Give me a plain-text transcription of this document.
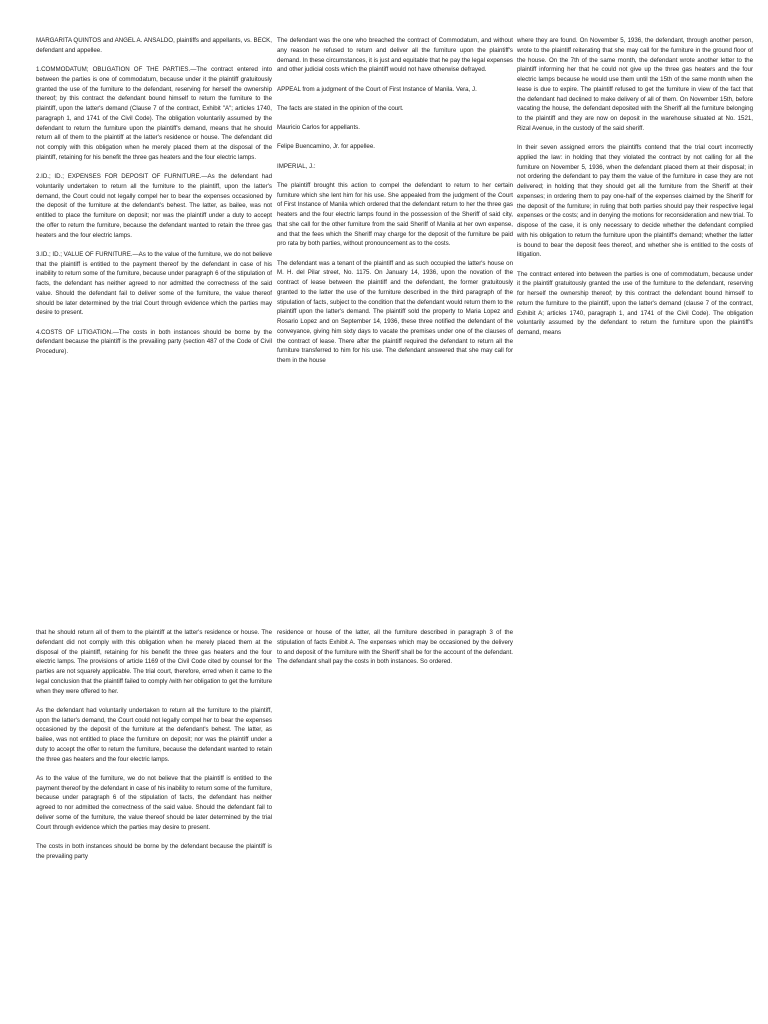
MARGARITA QUINTOS and ANGEL A. ANSALDO, plaintiffs and appellants, vs. BECK, defendant and appellee.

1.COMMODATUM; OBLIGATION OF THE PARTIES.—The contract entered into between the parties is one of commodatum, because under it the plaintiff gratuitously granted the use of the furniture to the defendant, reserving for herself the ownership thereof; by this contract the defendant bound himself to return the furniture to the plaintiff, upon the latter's demand (Clause 7 of the contract, Exhibit "A"; articles 1740, paragraph 1, and 1741 of the Civil Code). The obligation voluntarily assumed by the defendant to return the furniture upon the plaintiff's demand, means that he should return all of them to the plaintiff at the latter's residence or house. The defendant did not comply with this obligation when he merely placed them at the disposal of the plaintiff, retaining for his benefit the three gas heaters and the four electric lamps.

2.ID.; ID.; EXPENSES FOR DEPOSIT OF FURNITURE.—As the defendant had voluntarily undertaken to return all the furniture to the plaintiff, upon the latter's demand, the Court could not legally compel her to bear the expenses occasioned by the deposit of the furniture at the defendant's behest. The latter, as bailee, was not entitled to place the furniture on deposit; nor was the plaintiff under a duty to accept the offer to return the furniture, because the defendant wanted to retain the three gas heaters and the four electric lamps.

3.ID.; ID.; VALUE OF FURNITURE.—As to the value of the furniture, we do not believe that the plaintiff is entitled to the payment thereof by the defendant in case of his inability to return some of the furniture, because under paragraph 6 of the stipulation of facts, the defendant has neither agreed to nor admitted the correctness of the said value. Should the defendant fail to deliver some of the furniture, the value thereof should be later determined by the trial Court through evidence which the parties may desire to present.

4.COSTS OF LITIGATION.—The costs in both instances should be borne by the defendant because the plaintiff is the prevailing party (section 487 of the Code of Civil Procedure).

The defendant was the one who breached the contract of Commodatum, and without any reason he refused to return and deliver all the furniture upon the plaintiff's demand. In these circumstances, it is just and equitable that he pay the legal expenses and other judicial costs which the plaintiff would not have otherwise defrayed.

APPEAL from a judgment of the Court of First Instance of Manila. Vera, J.

The facts are stated in the opinion of the court.

Mauricio Carlos for appellants.

Felipe Buencamino, Jr. for appellee.

IMPERIAL, J.:

The plaintiff brought this action to compel the defendant to return to her certain furniture which she lent him for his use. She appealed from the judgment of the Court of First Instance of Manila which ordered that the defendant return to her the three gas heaters and the four electric lamps found in the possession of the Sheriff of said city, that she call for the other furniture from the said Sheriff of Manila at her own expense, and that the fees which the Sheriff may charge for the deposit of the furniture be paid pro rata by both parties, without pronouncement as to the costs.

The defendant was a tenant of the plaintiff and as such occupied the latter's house on M. H. del Pilar street, No. 1175. On January 14, 1936, upon the novation of the contract of lease between the plaintiff and the defendant, the former gratuitously granted to the latter the use of the furniture described in the third paragraph of the stipulation of facts, subject to the condition that the defendant would return them to the plaintiff upon the latter's demand. The plaintiff sold the property to Maria Lopez and Rosario Lopez and on September 14, 1936, these three notified the defendant of the conveyance, giving him sixty days to vacate the premises under one of the clauses of the contract of lease. There after the plaintiff required the defendant to return all the furniture transferred to him for his use. The defendant answered that she may call for them in the house

where they are found. On November 5, 1936, the defendant, through another person, wrote to the plaintiff reiterating that she may call for the furniture in the ground floor of the house. On the 7th of the same month, the defendant wrote another letter to the plaintiff informing her that he could not give up the three gas heaters and the four electric lamps because he would use them until the 15th of the same month when the lease is due to expire. The plaintiff refused to get the furniture in view of the fact that the defendant had declined to make delivery of all of them. On November 15th, before vacating the house, the defendant deposited with the Sheriff all the furniture belonging to the plaintiff and they are now on deposit in the warehouse situated at No. 1521, Rizal Avenue, in the custody of the said sheriff.

In their seven assigned errors the plaintiffs contend that the trial court incorrectly applied the law: in holding that they violated the contract by not calling for all the furniture on November 5, 1936, when the defendant placed them at their disposal; in not ordering the defendant to pay them the value of the furniture in case they are not delivered; in holding that they should get all the furniture from the Sheriff at their expenses; in ordering them to pay one-half of the expenses claimed by the Sheriff for the deposit of the furniture; in ruling that both parties should pay their respective legal expenses or the costs; and in denying the motions for reconsideration and new trial. To dispose of the case, it is only necessary to decide whether the defendant complied with his obligation to return the furniture upon the plaintiff's demand; whether the latter is bound to bear the deposit fees thereof, and whether she is entitled to the costs of litigation.

The contract entered into between the parties is one of commodatum, because under it the plaintiff gratuitously granted the use of the furniture to the defendant, reserving for herself the ownership thereof; by this contract the defendant bound himself to return the furniture to the plaintiff, upon the latter's demand (clause 7 of the contract, Exhibit A; articles 1740, paragraph 1, and 1741 of the Civil Code). The obligation voluntarily assumed by the defendant to return the furniture upon the plaintiff's demand, means

that he should return all of them to the plaintiff at the latter's residence or house. The defendant did not comply with this obligation when he merely placed them at the disposal of the plaintiff, retaining for his benefit the three gas heaters and the four electric lamps. The provisions of article 1169 of the Civil Code cited by counsel for the parties are not squarely applicable. The trial court, therefore, erred when it came to the legal conclusion that the plaintiff failed to comply /with her obligation to get the furniture when they were offered to her.

As the defendant had voluntarily undertaken to return all the furniture to the plaintiff, upon the latter's demand, the Court could not legally compel her to bear the expenses occasioned by the deposit of the furniture at the defendant's behest. The latter, as bailee, was not entitled to place the furniture on deposit; nor was the plaintiff under a duty to accept the offer to return the furniture, because the defendant wanted to retain the three gas heaters and the four electric lamps.

As to the value of the furniture, we do not believe that the plaintiff is entitled to the payment thereof by the defendant in case of his inability to return some of the furniture, because under paragraph 6 of the stipulation of facts, the defendant has neither agreed to nor admitted the correctness of the said value. Should the defendant fail to deliver some of the furniture, the value thereof should be later determined by the trial Court through evidence which the parties may desire to present.

The costs in both instances should be borne by the defendant because the plaintiff is the prevailing party

residence or house of the latter, all the furniture described in paragraph 3 of the stipulation of facts Exhibit A. The expenses which may be occasioned by the delivery to and deposit of the furniture with the Sheriff shall be for the account of the defendant. The defendant shall pay the costs in both instances. So ordered.
